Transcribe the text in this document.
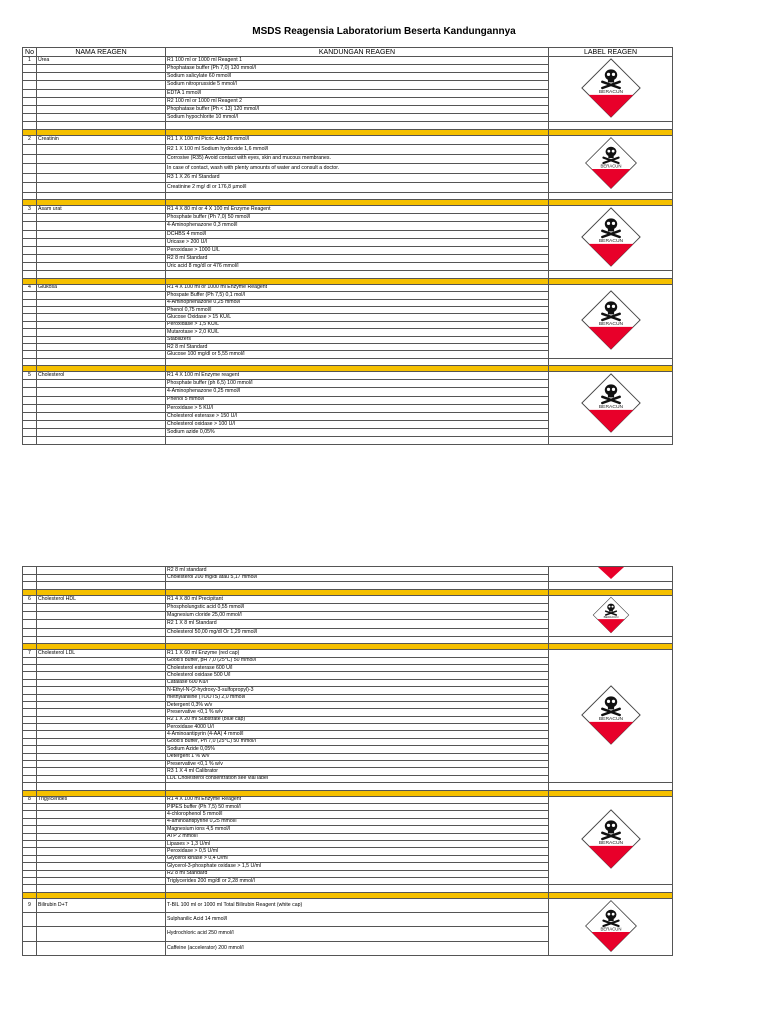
MSDS Reagensia Laboratorium Beserta Kandungannya
No	NAMA REAGEN	KANDUNGAN REAGEN	LABEL REAGEN
1	Urea	R1 100 ml or 1000 ml Reagent 1	BERACUN

		Phophatase buffer (Ph 7,0) 120 mmol/l	
		Sodium salicylate 60 mmol/l	
		Sodium nitroprusside 5 mmol/l	
		EDTA 1 mmol/l	
		R2 100 ml or 1000 ml Reagent 2	
		Phophatase buffer (Ph < 13) 120 mmol/l	
		Sodium hypochlorite 10 mmol/l	

2	Creatinin	R1 1 X 100 ml Picric Acid 26 mmol/l	BERACUN

		R2 1 X 100 ml Sodium hydroxide 1,6 mmol/l	
		Corrosive (R35) Avoid contact with eyes, skin and mucous membranes.	
		In case of contact, wash with plenty amounts of water and consult a doctor.	
		R3 1 X 26 ml Standard	
		Creatinine 2 mg/ dl or 176,8 µmol/l	

3	Asam urat	R1 4 X 80 ml or 4 X 100 ml Enzyme Reagent	BERACUN

		Phosphate buffer (Ph 7,0) 50 mmol/l	
		4-Aminophenazone 0,3 mmol/l	
		DCHBS 4 mmol/l	
		Uricase > 200 U/l	
		Peroxidase > 1000 U/L	
		R2 8 ml Standard	
		Uric acid 8 mg/dl or 476 mmol/l	

4	Glukosa	R1 4 X 100 ml or 1000 ml Enzyme Reagent	BERACUN

		Phospate Buffer (Ph 7,5) 0,1 mol/l	
		4-Aminophenazone 0,25 mmol/l	
		Phenol 0,75 mmol/l	
		Glucose Oxidase > 15 KU/L	
		Peroxidase > 1,5 KU/L	
		Mutarotase > 2,0 KU/L	
		Stabilizers	
		R2 8 ml Standard	
		Glucose 100 mg/dl or 5,55 mmol/l	

5	Cholesterol	R1 4 X 100 ml Enzyme reagent	BERACUN

		Phosphate buffer (ph 6,5) 100 mmol/l	
		4-Aminophenazone 0,25 mmol/l	
		Phenol 5 mmol/l	
		Peroxidase > 5 KU/l	
		Cholesterol esterase > 150 U/l	
		Cholesterol oxidase > 100 U/l	
		Sodium azide 0,05%	

		R2 8 ml standard	
		Cholesterol 200 mg/dl atau 5,17 mmol/l	

6	Cholesterol HDL	R1 4 X 80 ml Precipitant	BERACUN

		Phospholungstic acid 0,55 mmol/l	
		Magnesium cloride 25,00 mmol/l	
		R2 1 X 8 ml Standard	
		Cholesterol 50,00 mg/dl Or 1,29 mmol/l	

7	Cholesterol LDL	R1 1 X 60 ml Enzyme (red cap)	BERACUN

		Good's buffer, pH 7,0 (25°C) 50 mmol/l	
		Cholesterol esterase 600 U/l	
		Cholesterol oxidase 500 U/l	
		Catalase 600 Ku/l	
		N-Ethyl-N-(2-hydroxy-3-sulfopropyl)-3	
		methylaniline (TOOTS) 2,0 mmol/l	
		Detergent 0,3% w/v	
		Preservative <0,1 % w/v	
		R2 1 X 20 ml Substrate (blue cap)	
		Peroxidase 4000 U/l	
		4-Aminoantipyrin (4-AA) 4 mmol/l	
		Good's buffer, Ph 7,0 (25°C) 50 mmol/l	
		Sodium Azide 0,05%	
		Detergent 1 % w/v	
		Preservative <0,1 % w/v	
		R3 1 X 4 ml Calibrator	
		LDL Cholesterol consentration see vial label	

8	Trigylcerides	R1 4 X 100 ml Enzyme Reagent	BERACUN

		PIPES buffer (Ph 7,5) 50 mmol/l	
		4-chlorophenol 5 mmol/l	
		4-aminoantipyrine 0,25 mmol/l	
		Magnesium ions 4,5 mmol/l	
		ATP 2 mmol/l	
		Lipases > 1,3 U/ml	
		Peroxidase > 0,5 U/ml	
		Glycerol kinase > 0,4 U/ml	
		Glycerol-3-phosphate oxidase > 1,5 U/ml	
		R2 8 ml Standard	
		Triglycerides 200 mg/dl or 2,28 mmol/l	

9	Bilirubin D+T	T-BIL 100 ml or 1000 ml Total Bilirubin Reagent (white cap)	BERACUN

		Sulphanilic Acid 14 mmol/l	
		Hydrochloric acid 250 mmol/l	
		Caffeine (accelerator) 200 mmol/l	
